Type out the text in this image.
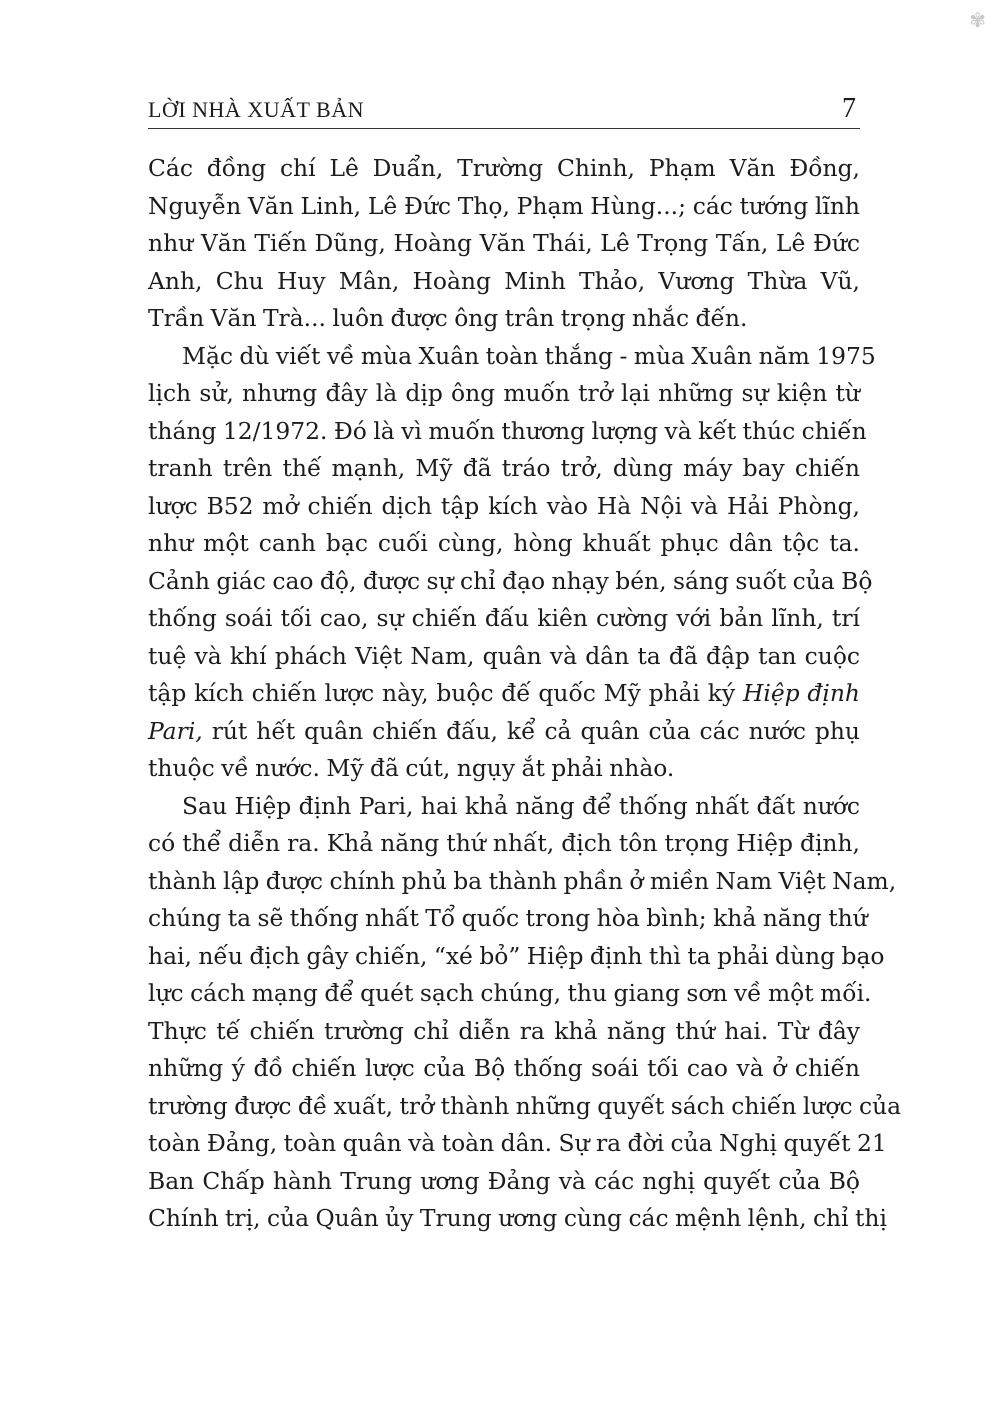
✾
LỜI NHÀ XUẤT BẢN	7

Các đồng chí Lê Duẩn, Trường Chinh, Phạm Văn Đồng,
Nguyễn Văn Linh, Lê Đức Thọ, Phạm Hùng...; các tướng lĩnh
như Văn Tiến Dũng, Hoàng Văn Thái, Lê Trọng Tấn, Lê Đức
Anh, Chu Huy Mân, Hoàng Minh Thảo, Vương Thừa Vũ,
Trần Văn Trà... luôn được ông trân trọng nhắc đến.

Mặc dù viết về mùa Xuân toàn thắng - mùa Xuân năm 1975
lịch sử, nhưng đây là dịp ông muốn trở lại những sự kiện từ
tháng 12/1972. Đó là vì muốn thương lượng và kết thúc chiến
tranh trên thế mạnh, Mỹ đã tráo trở, dùng máy bay chiến
lược B52 mở chiến dịch tập kích vào Hà Nội và Hải Phòng,
như một canh bạc cuối cùng, hòng khuất phục dân tộc ta.
Cảnh giác cao độ, được sự chỉ đạo nhạy bén, sáng suốt của Bộ
thống soái tối cao, sự chiến đấu kiên cường với bản lĩnh, trí
tuệ và khí phách Việt Nam, quân và dân ta đã đập tan cuộc
tập kích chiến lược này, buộc đế quốc Mỹ phải ký Hiệp định
Pari, rút hết quân chiến đấu, kể cả quân của các nước phụ
thuộc về nước. Mỹ đã cút, ngụy ắt phải nhào.

Sau Hiệp định Pari, hai khả năng để thống nhất đất nước
có thể diễn ra. Khả năng thứ nhất, địch tôn trọng Hiệp định,
thành lập được chính phủ ba thành phần ở miền Nam Việt Nam,
chúng ta sẽ thống nhất Tổ quốc trong hòa bình; khả năng thứ
hai, nếu địch gây chiến, “xé bỏ” Hiệp định thì ta phải dùng bạo
lực cách mạng để quét sạch chúng, thu giang sơn về một mối.
Thực tế chiến trường chỉ diễn ra khả năng thứ hai. Từ đây
những ý đồ chiến lược của Bộ thống soái tối cao và ở chiến
trường được đề xuất, trở thành những quyết sách chiến lược của
toàn Đảng, toàn quân và toàn dân. Sự ra đời của Nghị quyết 21
Ban Chấp hành Trung ương Đảng và các nghị quyết của Bộ
Chính trị, của Quân ủy Trung ương cùng các mệnh lệnh, chỉ thị
